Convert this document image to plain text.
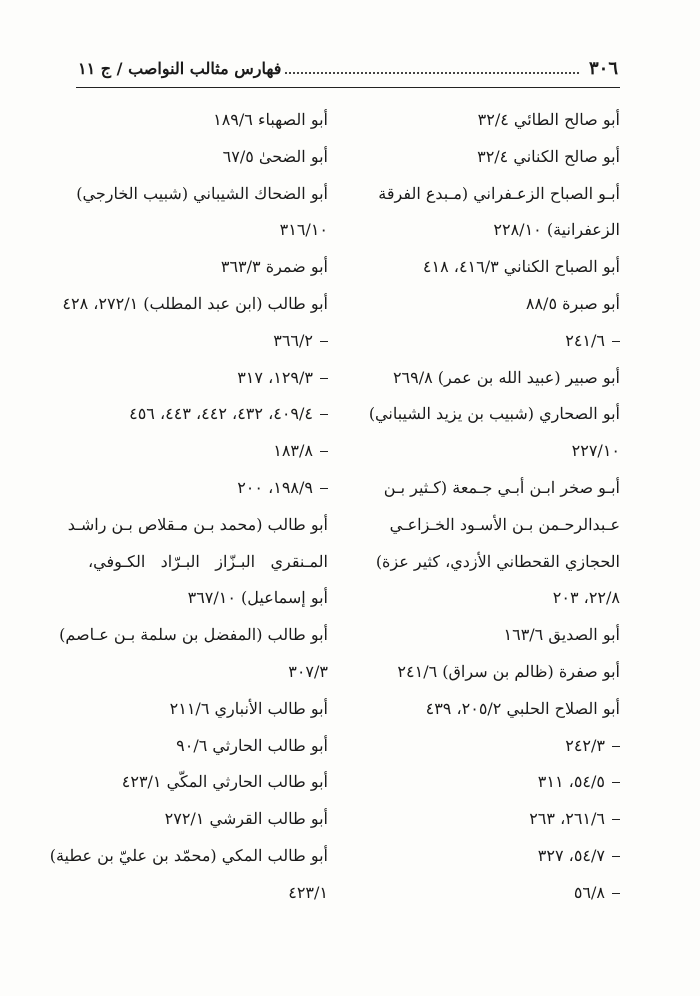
٣٠٦
فهارس مثالب النواصب / ج ١١
أبو صالح الطائي ٣٢/٤
أبو صالح الكناني ٣٢/٤
أبـو الصباح الزعـفراني (مـبدع الفرقة
الزعفرانية) ٢٢٨/١٠
أبو الصباح الكناني ٤١٦/٣، ٤١٨
أبو صبرة ٨٨/٥
٢٤١/٦
أبو صبير (عبيد الله بن عمر) ٢٦٩/٨
أبو الصحاري (شبيب بن يزيد الشيباني)
٢٢٧/١٠
أبـو صخر ابـن أبـي جـمعة (كـثير بـن
عـبدالرحـمن بـن الأسـود الخـزاعـي
الحجازي القحطاني الأزدي، كثير عزة)
٢٢/٨، ٢٠٣
أبو الصديق ١٦٣/٦
أبو صفرة (ظالم بن سراق) ٢٤١/٦
أبو الصلاح الحلبي ٢٠٥/٢، ٤٣٩
٢٤٢/٣
٥٤/٥، ٣١١
٢٦١/٦، ٢٦٣
٥٤/٧، ٣٢٧
٥٦/٨
أبو الصهباء ١٨٩/٦
أبو الضحىٰ ٦٧/٥
أبو الضحاك الشيباني (شبيب الخارجي)
٣١٦/١٠
أبو ضمرة ٣٦٣/٣
أبو طالب (ابن عبد المطلب) ٢٧٢/١، ٤٢٨
٣٦٦/٢
١٢٩/٣، ٣١٧
٤٠٩/٤، ٤٣٢، ٤٤٢، ٤٤٣، ٤٥٦
١٨٣/٨
١٩٨/٩، ٢٠٠
أبو طالب (محمد بـن مـقلاص بـن راشـد
المـنقري البـزّاز البـرّاد الكـوفي،
أبو إسماعيل) ٣٦٧/١٠
أبو طالب (المفضل بن سلمة بـن عـاصم)
٣٠٧/٣
أبو طالب الأنباري ٢١١/٦
أبو طالب الحارثي ٩٠/٦
أبو طالب الحارثي المكّي ٤٢٣/١
أبو طالب القرشي ٢٧٢/١
أبو طالب المكي (محمّد بن عليّ بن عطية)
٤٢٣/١
